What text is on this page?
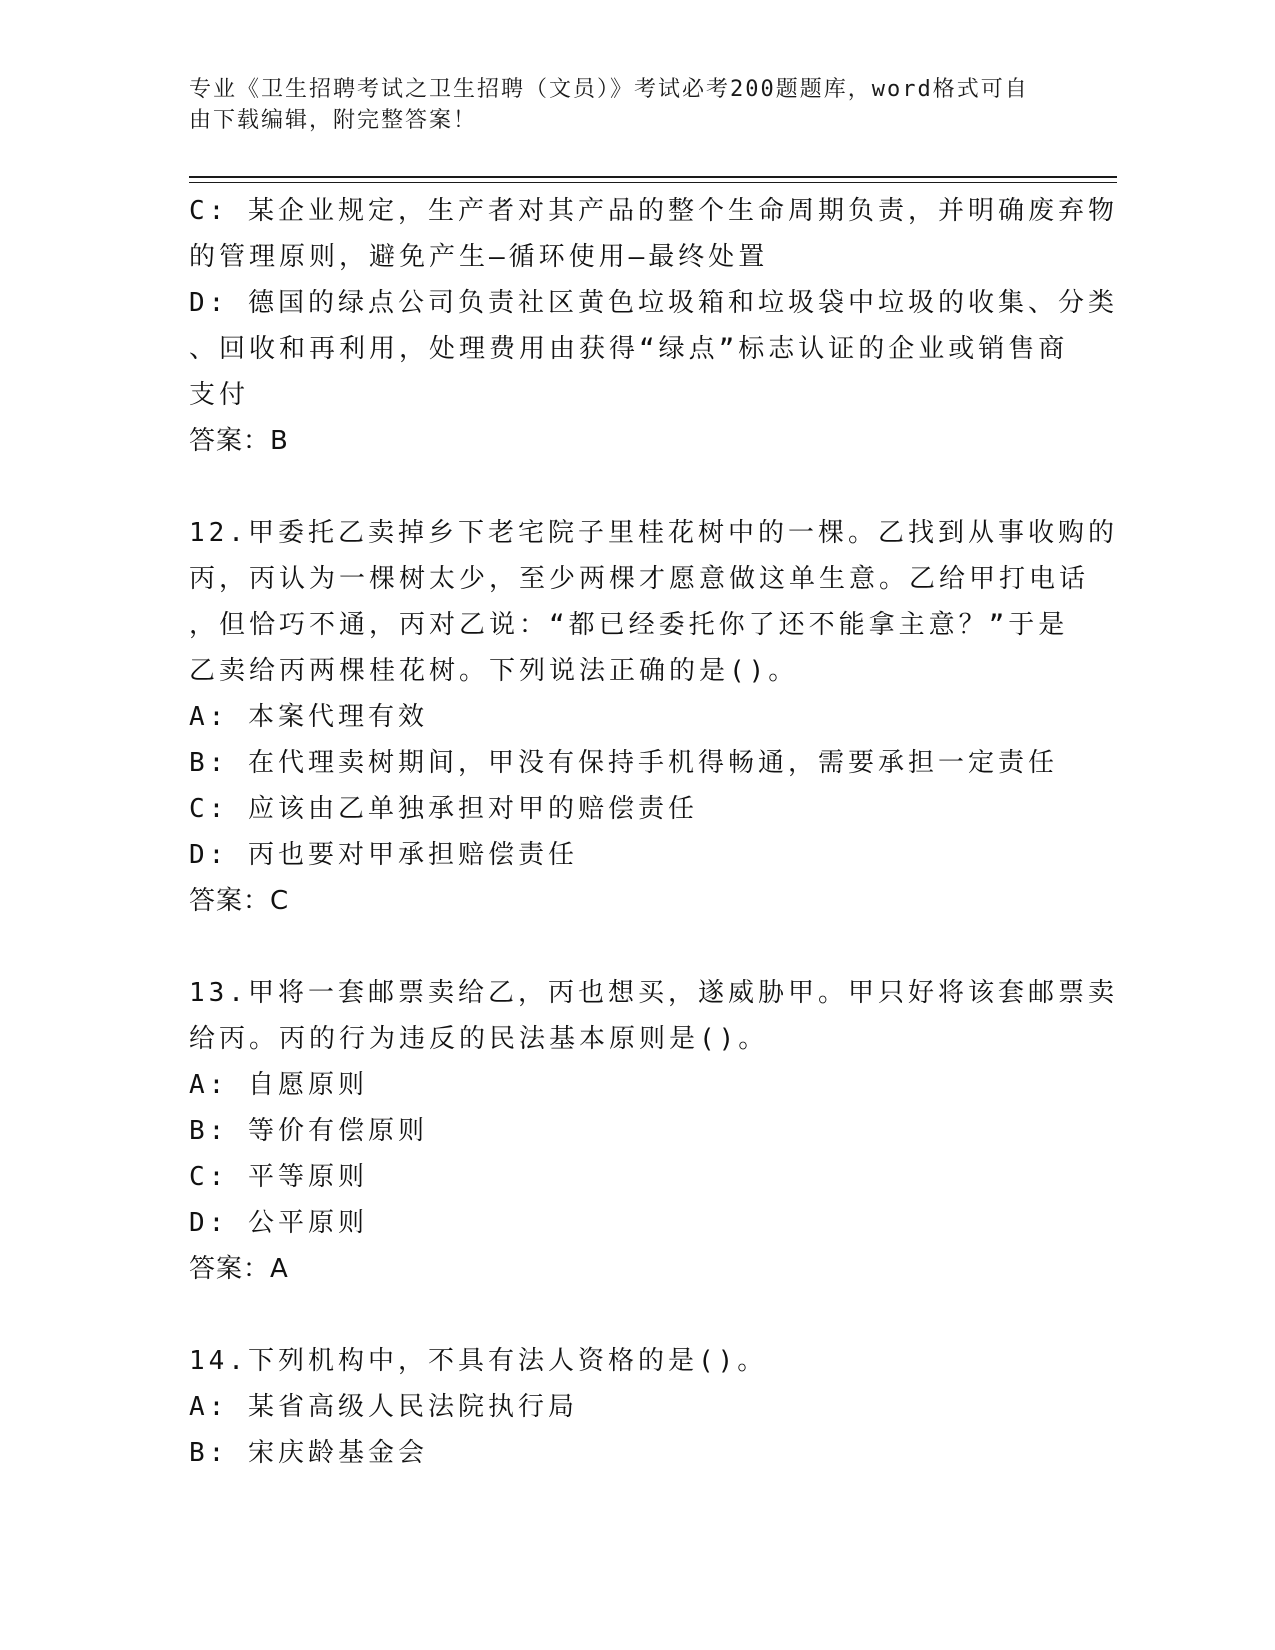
专业《卫生招聘考试之卫生招聘（文员）》考试必考200题题库，word格式可自
由下载编辑，附完整答案！
C: 某企业规定，生产者对其产品的整个生命周期负责，并明确废弃物
的管理原则，避免产生—循环使用—最终处置
D: 德国的绿点公司负责社区黄色垃圾箱和垃圾袋中垃圾的收集、分类
、回收和再利用，处理费用由获得“绿点”标志认证的企业或销售商
支付
答案：B
12.甲委托乙卖掉乡下老宅院子里桂花树中的一棵。乙找到从事收购的
丙，丙认为一棵树太少，至少两棵才愿意做这单生意。乙给甲打电话
，但恰巧不通，丙对乙说：“都已经委托你了还不能拿主意？”于是
乙卖给丙两棵桂花树。下列说法正确的是()。
A: 本案代理有效
B: 在代理卖树期间，甲没有保持手机得畅通，需要承担一定责任
C: 应该由乙单独承担对甲的赔偿责任
D: 丙也要对甲承担赔偿责任
答案：C
13.甲将一套邮票卖给乙，丙也想买，遂威胁甲。甲只好将该套邮票卖
给丙。丙的行为违反的民法基本原则是()。
A: 自愿原则
B: 等价有偿原则
C: 平等原则
D: 公平原则
答案：A
14.下列机构中，不具有法人资格的是()。
A: 某省高级人民法院执行局
B: 宋庆龄基金会
